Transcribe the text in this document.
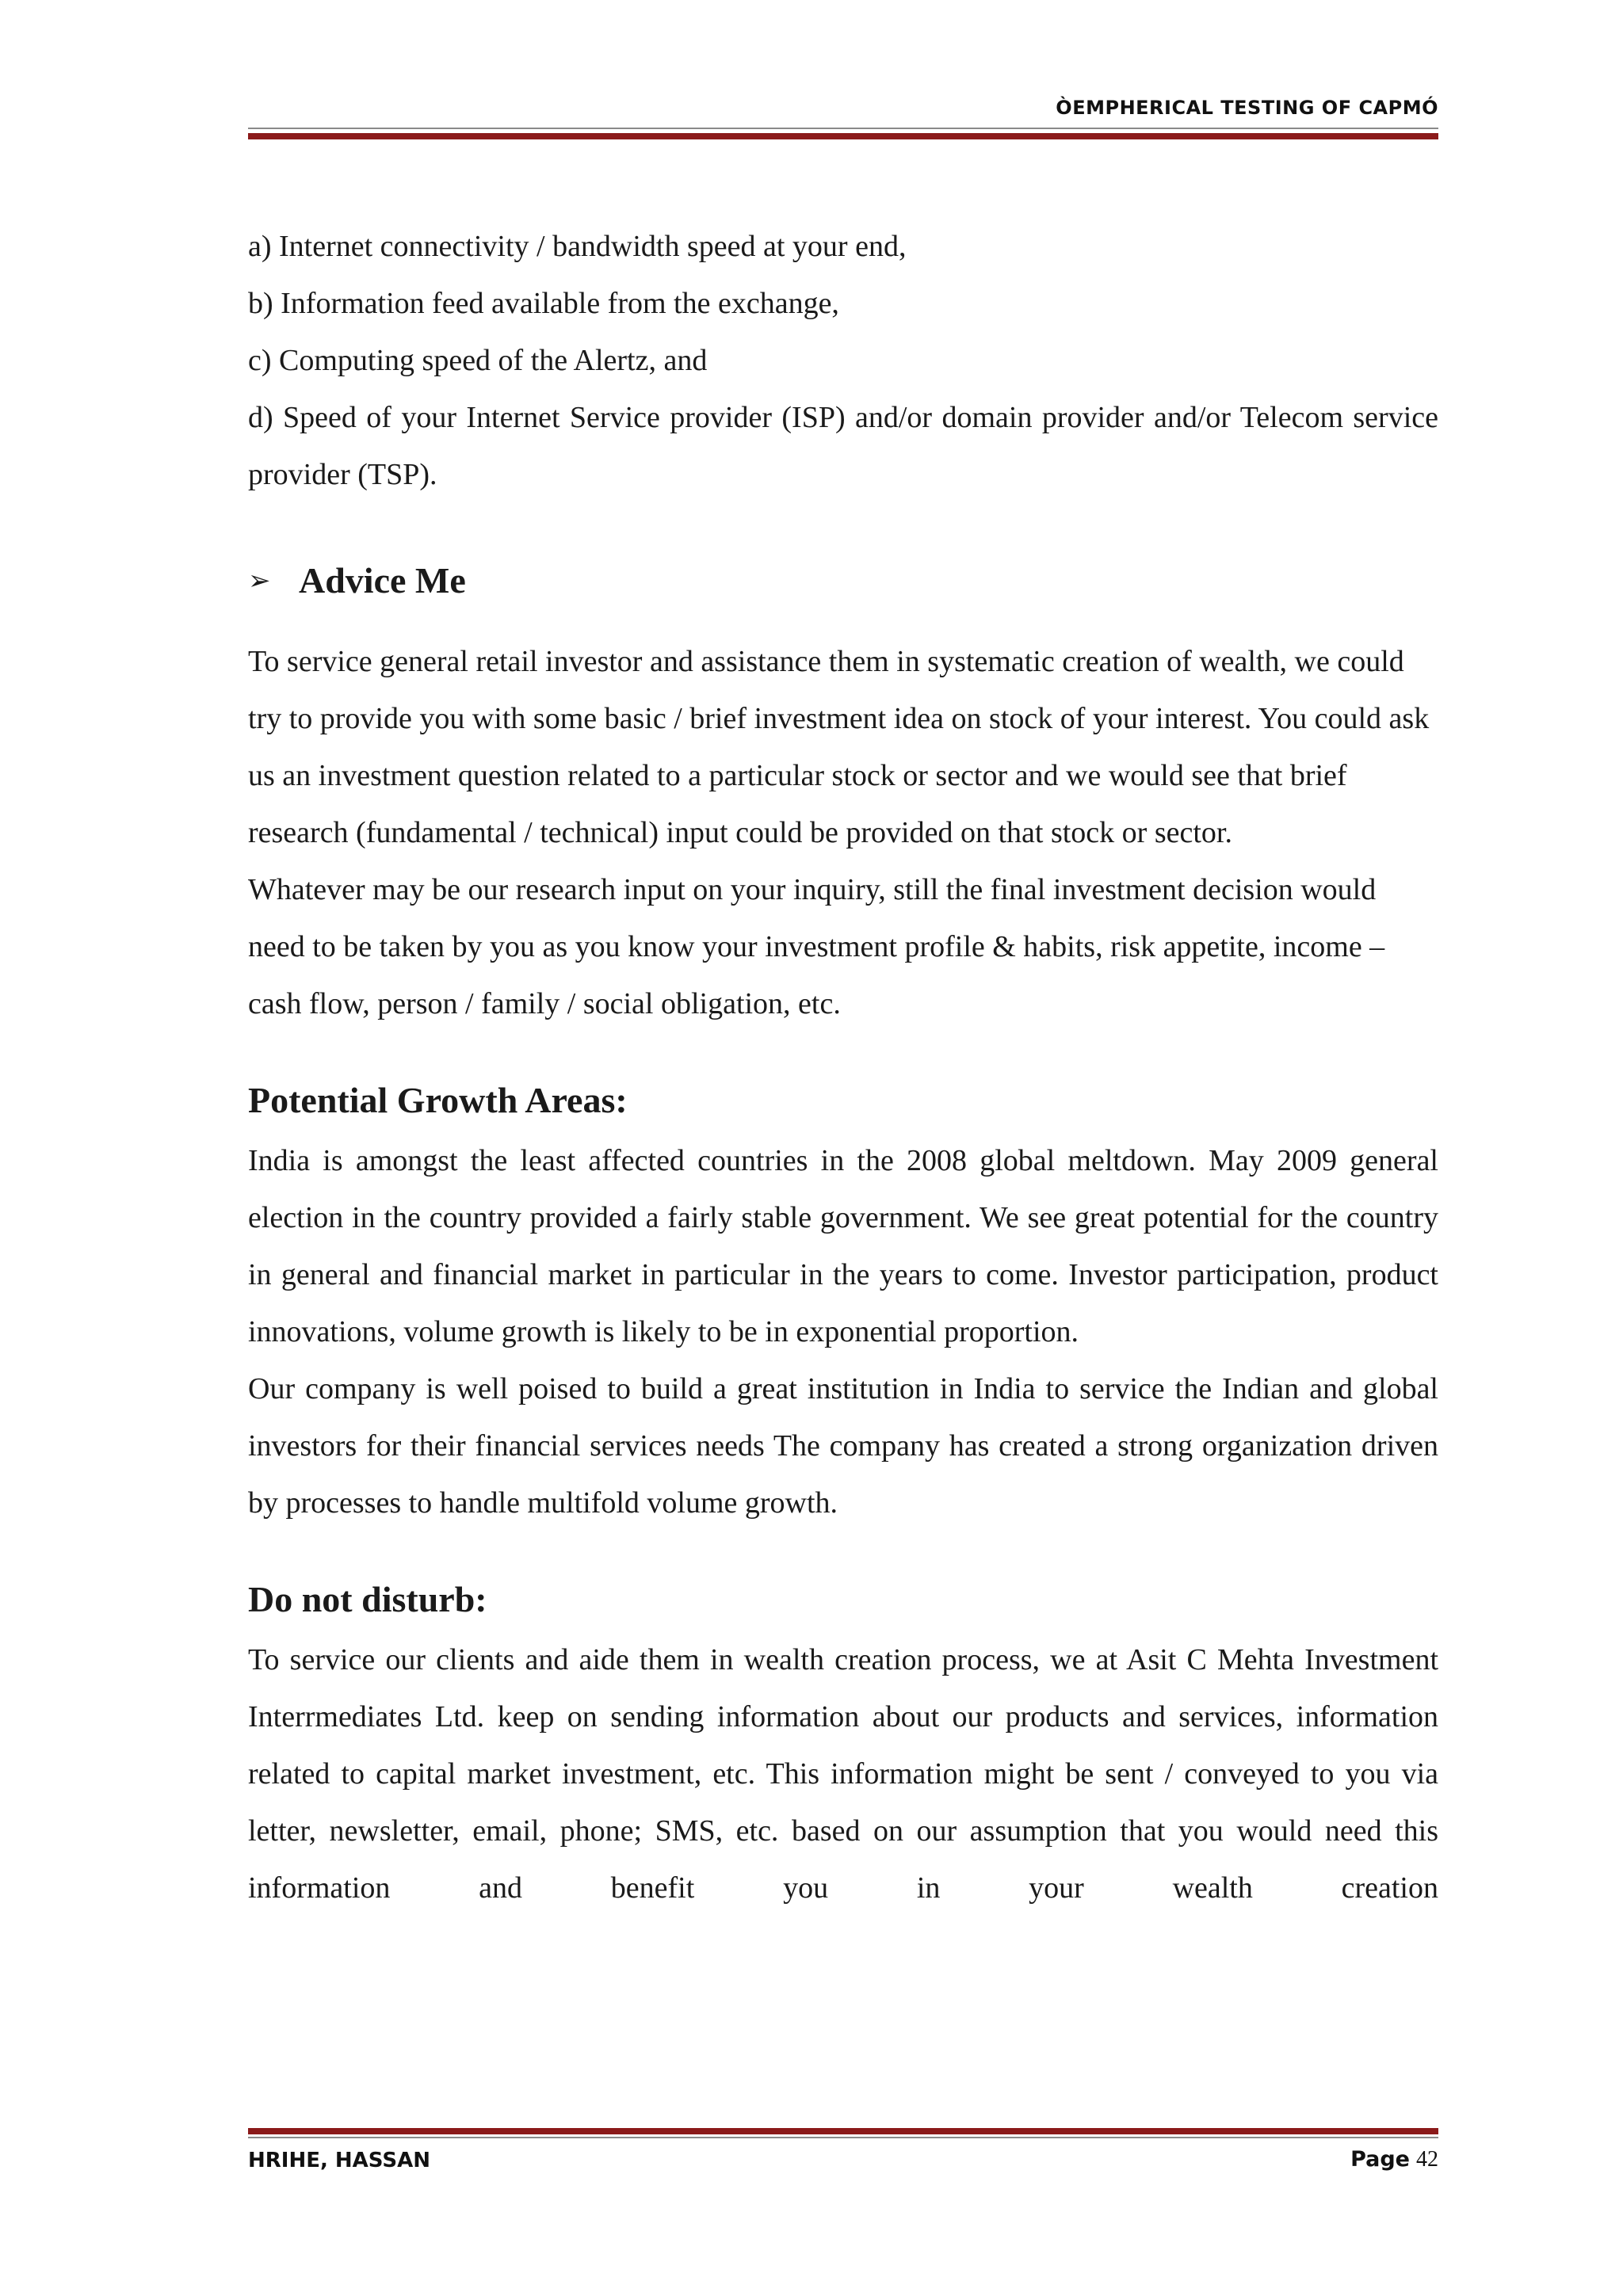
ÒEMPHERICAL TESTING OF CAPMÓ

a) Internet connectivity / bandwidth speed at your end,

b) Information feed available from the exchange,

c) Computing speed of the Alertz, and

d) Speed of your Internet Service provider (ISP) and/or domain provider and/or Telecom service provider (TSP).

➢ Advice Me

To service general retail investor and assistance them in systematic creation of wealth, we could try to provide you with some basic / brief investment idea on stock of your interest. You could ask us an investment question related to a particular stock or sector and we would see that brief research (fundamental / technical) input could be provided on that stock or sector.

Whatever may be our research input on your inquiry, still the final investment decision would need to be taken by you as you know your investment profile & habits, risk appetite, income – cash flow, person / family / social obligation, etc.

Potential Growth Areas:

India is amongst the least affected countries in the 2008 global meltdown. May 2009 general election in the country provided a fairly stable government. We see great potential for the country in general and financial market in particular in the years to come. Investor participation, product innovations, volume growth is likely to be in exponential proportion.

Our company is well poised to build a great institution in India to service the Indian and global investors for their financial services needs The company has created a strong organization driven by processes to handle multifold volume growth.

Do not disturb:

To service our clients and aide them in wealth creation process, we at Asit C Mehta Investment Interrmediates Ltd. keep on sending information about our products and services, information related to capital market investment, etc. This information might be sent / conveyed to you via letter, newsletter, email, phone; SMS, etc. based on our assumption that you would need this information and benefit you in your wealth creation

HRIHE, HASSAN	Page 42
